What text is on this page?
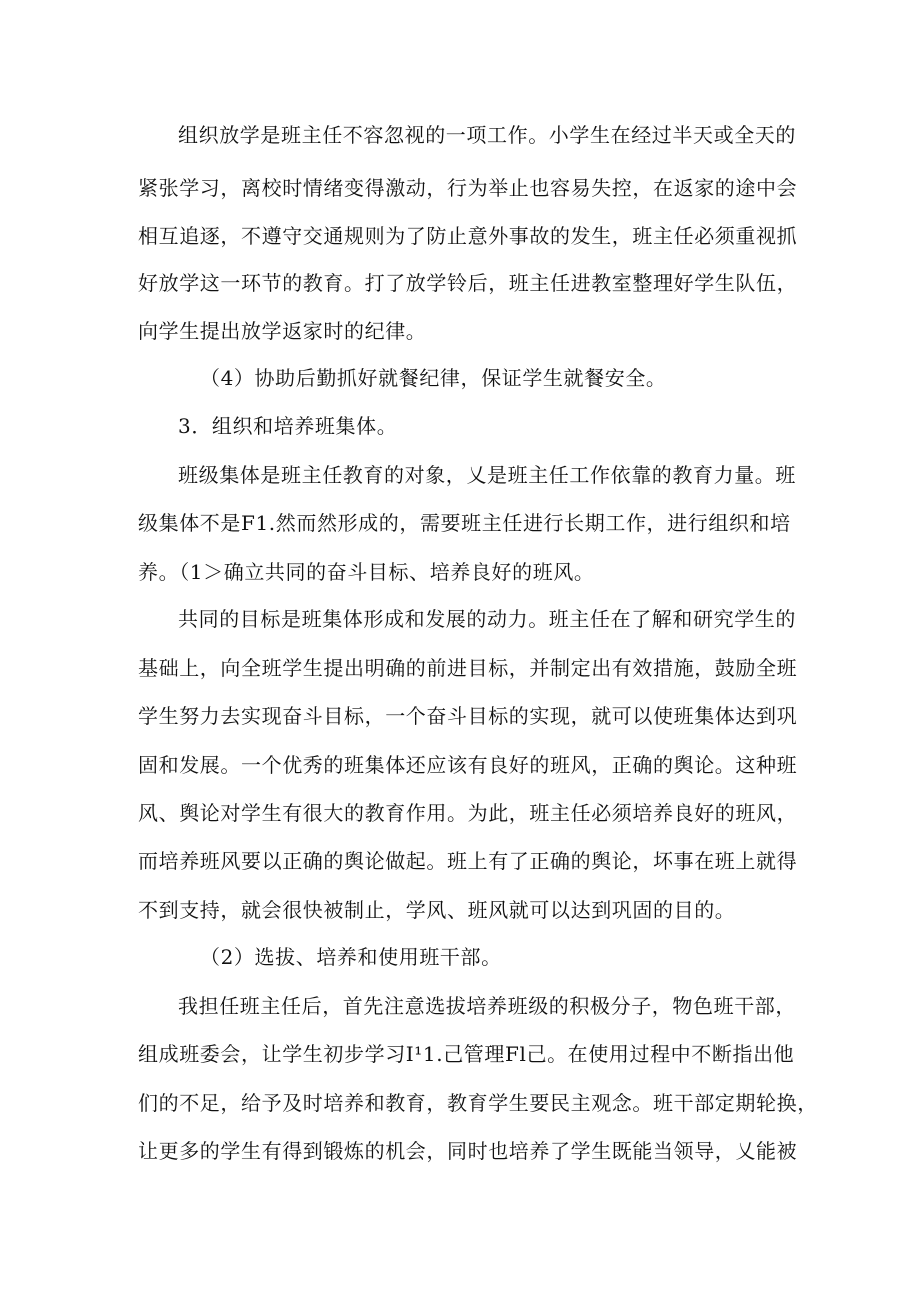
组织放学是班主任不容忽视的一项工作。小学生在经过半天或全天的
紧张学习，离校时情绪变得激动，行为举止也容易失控，在返家的途中会
相互追逐，不遵守交通规则为了防止意外事故的发生，班主任必须重视抓
好放学这一环节的教育。打了放学铃后，班主任进教室整理好学生队伍，
向学生提出放学返家时的纪律。
（4）协助后勤抓好就餐纪律，保证学生就餐安全。
3．组织和培养班集体。
班级集体是班主任教育的对象，乂是班主任工作依靠的教育力量。班
级集体不是F1.然而然形成的，需要班主任进行长期工作，进行组织和培
养。（1＞确立共同的奋斗目标、培养良好的班风。
共同的目标是班集体形成和发展的动力。班主任在了解和研究学生的
基础上，向全班学生提出明确的前进目标，并制定出有效措施，鼓励全班
学生努力去实现奋斗目标，一个奋斗目标的实现，就可以使班集体达到巩
固和发展。一个优秀的班集体还应该有良好的班风，正确的舆论。这种班
风、舆论对学生有很大的教育作用。为此，班主任必须培养良好的班风，
而培养班风要以正确的舆论做起。班上有了正确的舆论，坏事在班上就得
不到支持，就会很快被制止，学风、班风就可以达到巩固的目的。
（2）选拔、培养和使用班干部。
我担任班主任后，首先注意选拔培养班级的积极分子，物色班干部，
组成班委会，让学生初步学习I¹1.己管理Fl己。在使用过程中不断指出他
们的不足，给予及时培养和教育，教育学生要民主观念。班干部定期轮换，
让更多的学生有得到锻炼的机会，同时也培养了学生既能当领导，乂能被
